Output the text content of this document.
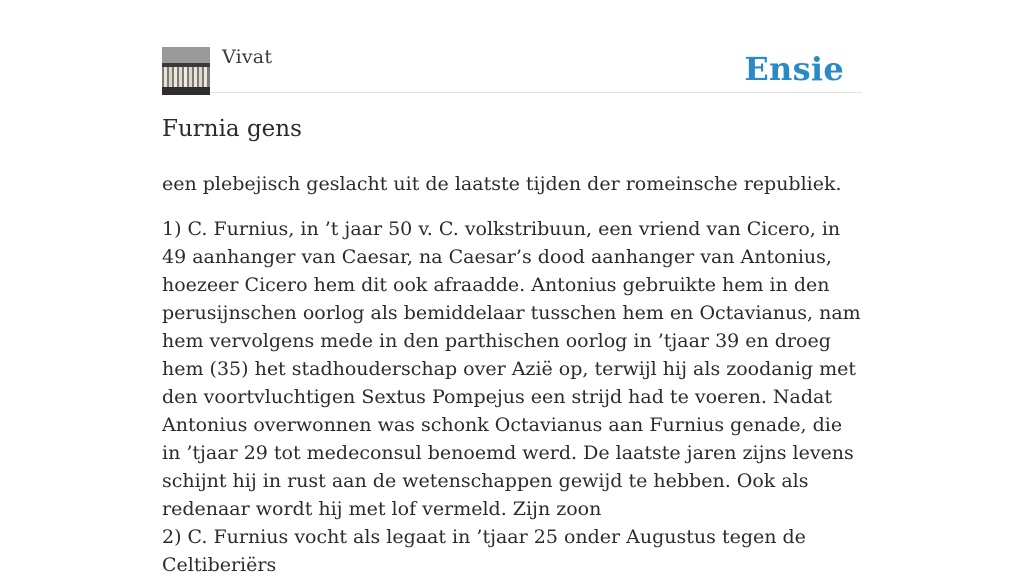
Vivat	Ensie
Furnia gens

een plebejisch geslacht uit de laatste tijden der romeinsche republiek.

1) C. Furnius, in ’t jaar 50 v. C. volkstribuun, een vriend van Cicero, in 49 aanhanger van Caesar, na Caesar’s dood aanhanger van Antonius, hoezeer Cicero hem dit ook afraadde. Antonius gebruikte hem in den perusijnschen oorlog als bemiddelaar tusschen hem en Octavianus, nam hem vervolgens mede in den parthischen oorlog in ’tjaar 39 en droeg hem (35) het stadhouderschap over Azië op, terwijl hij als zoodanig met den voortvluchtigen Sextus Pompejus een strijd had te voeren. Nadat Antonius overwonnen was schonk Octavianus aan Furnius genade, die in ’tjaar 29 tot medeconsul benoemd werd. De laatste jaren zijns levens schijnt hij in rust aan de wetenschappen gewijd te hebben. Ook als redenaar wordt hij met lof vermeld. Zijn zoon

2) C. Furnius vocht als legaat in ’tjaar 25 onder Augustus tegen de Celtiberiërs
